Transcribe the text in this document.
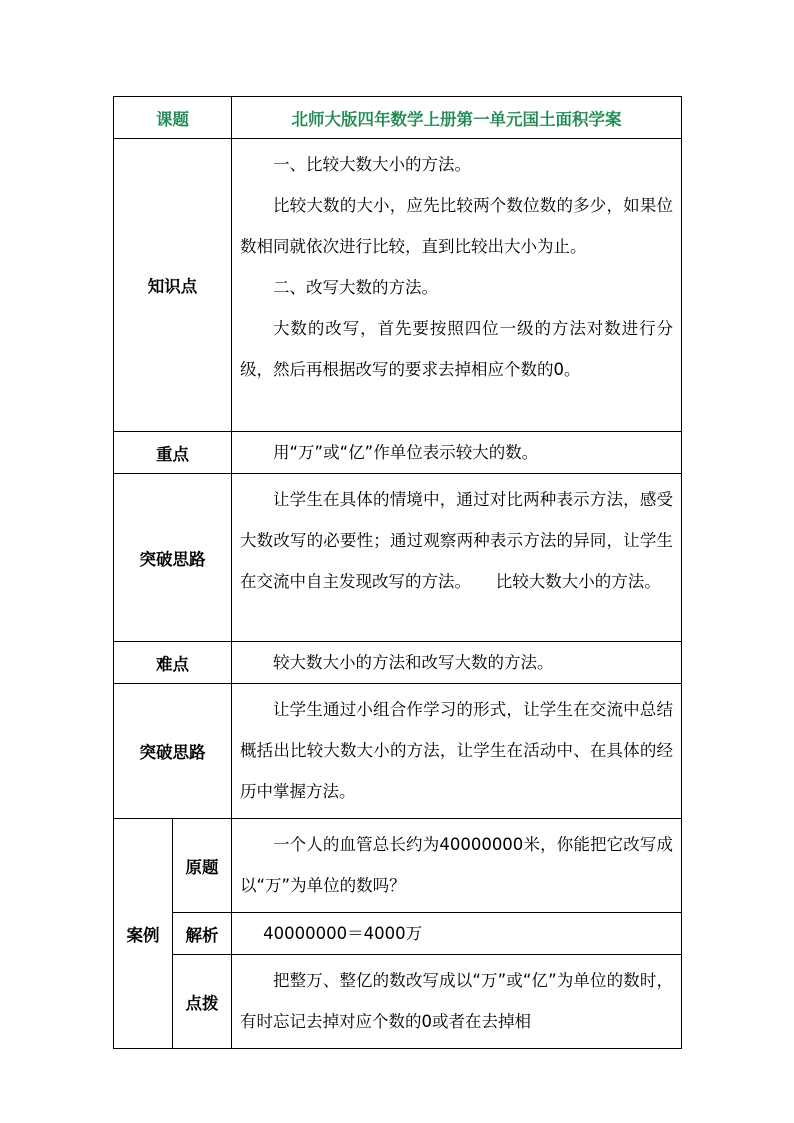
课题		北师大版四年数学上册第一单元国土面积学案
知识点		一、比较大数大小的方法。

比较大数的大小，应先比较两个数位数的多少，如果位数相同就依次进行比较，直到比较出大小为止。

二、改写大数的方法。

大数的改写，首先要按照四位一级的方法对数进行分级，然后再根据改写的要求去掉相应个数的0。

重点		用“万”或“亿”作单位表示较大的数。

突破思路		让学生在具体的情境中，通过对比两种表示方法，感受大数改写的必要性；通过观察两种表示方法的异同，让学生在交流中自主发现改写的方法。　　比较大数大小的方法。

难点		较大数大小的方法和改写大数的方法。

突破思路		让学生通过小组合作学习的形式，让学生在交流中总结概括出比较大数大小的方法，让学生在活动中、在具体的经历中掌握方法。

案例	原题	一个人的血管总长约为40000000米，你能把它改写成以“万”为单位的数吗？

	解析	40000000＝4000万

	点拨	把整万、整亿的数改写成以“万”或“亿”为单位的数时，有时忘记去掉对应个数的0或者在去掉相
